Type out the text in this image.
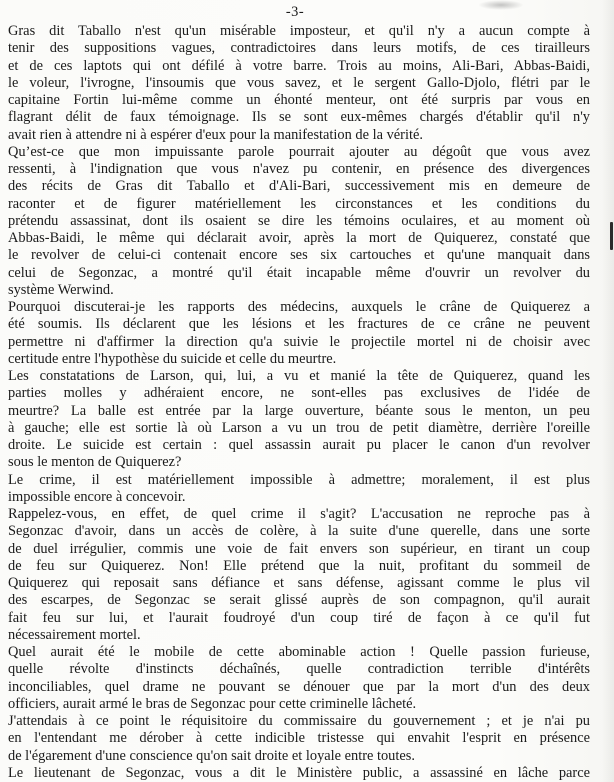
-3-
Gras dit Taballo n'est qu'un misérable imposteur, et qu'il n'y a aucun compte à
tenir des suppositions vagues, contradictoires dans leurs motifs, de ces tirailleurs
et de ces laptots qui ont défilé à votre barre. Trois au moins, Ali-Bari, Abbas-Baidi,
le voleur, l'ivrogne, l'insoumis que vous savez, et le sergent Gallo-Djolo, flétri par le
capitaine Fortin lui-même comme un éhonté menteur, ont été surpris par vous en
flagrant délit de faux témoignage. Ils se sont eux-mêmes chargés d'établir qu'il n'y
avait rien à attendre ni à espérer d'eux pour la manifestation de la vérité.
Qu’est-ce que mon impuissante parole pourrait ajouter au dégoût que vous avez
ressenti, à l'indignation que vous n'avez pu contenir, en présence des divergences
des récits de Gras dit Taballo et d'Ali-Bari, successivement mis en demeure de
raconter et de figurer matériellement les circonstances et les conditions du
prétendu assassinat, dont ils osaient se dire les témoins oculaires, et au moment où
Abbas-Baidi, le même qui déclarait avoir, après la mort de Quiquerez, constaté que
le revolver de celui-ci contenait encore ses six cartouches et qu'une manquait dans
celui de Segonzac, a montré qu'il était incapable même d'ouvrir un revolver du
système Werwind.
Pourquoi discuterai-je les rapports des médecins, auxquels le crâne de Quiquerez a
été soumis. Ils déclarent que les lésions et les fractures de ce crâne ne peuvent
permettre ni d'affirmer la direction qu'a suivie le projectile mortel ni de choisir avec
certitude entre l'hypothèse du suicide et celle du meurtre.
Les constatations de Larson, qui, lui, a vu et manié la tête de Quiquerez, quand les
parties molles y adhéraient encore, ne sont-elles pas exclusives de l'idée de
meurtre? La balle est entrée par la large ouverture, béante sous le menton, un peu
à gauche; elle est sortie là où Larson a vu un trou de petit diamètre, derrière l'oreille
droite. Le suicide est certain : quel assassin aurait pu placer le canon d'un revolver
sous le menton de Quiquerez?
Le crime, il est matériellement impossible à admettre; moralement, il est plus
impossible encore à concevoir.
Rappelez-vous, en effet, de quel crime il s'agit? L'accusation ne reproche pas à
Segonzac d'avoir, dans un accès de colère, à la suite d'une querelle, dans une sorte
de duel irrégulier, commis une voie de fait envers son supérieur, en tirant un coup
de feu sur Quiquerez. Non! Elle prétend que la nuit, profitant du sommeil de
Quiquerez qui reposait sans défiance et sans défense, agissant comme le plus vil
des escarpes, de Segonzac se serait glissé auprès de son compagnon, qu'il aurait
fait feu sur lui, et l'aurait foudroyé d'un coup tiré de façon à ce qu'il fut
nécessairement mortel.
Quel aurait été le mobile de cette abominable action ! Quelle passion furieuse,
quelle révolte d'instincts déchaînés, quelle contradiction terrible d'intérêts
inconciliables, quel drame ne pouvant se dénouer que par la mort d'un des deux
officiers, aurait armé le bras de Segonzac pour cette criminelle lâcheté.
J'attendais à ce point le réquisitoire du commissaire du gouvernement ; et je n'ai pu
en l'entendant me dérober à cette indicible tristesse qui envahit l'esprit en présence
de l'égarement d'une conscience qu'on sait droite et loyale entre toutes.
Le lieutenant de Segonzac, vous a dit le Ministère public, a assassiné en lâche parce
